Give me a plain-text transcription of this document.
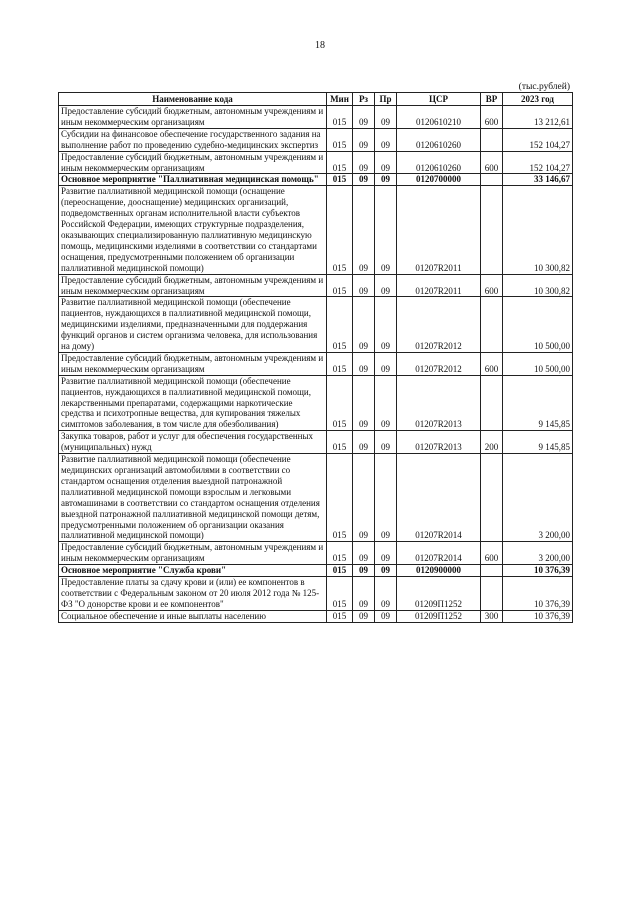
18
(тыс.рублей)
Наименование кода	Мин	Рз	Пр	ЦСР	ВР	2023 год
Предоставление субсидий бюджетным, автономным учреждениям и иным некоммерческим организациям	015	09	09	0120610210	600	13 212,61
Субсидии на финансовое обеспечение государственного задания на выполнение работ по проведению судебно-медицинских экспертиз	015	09	09	0120610260		152 104,27
Предоставление субсидий бюджетным, автономным учреждениям и иным некоммерческим организациям	015	09	09	0120610260	600	152 104,27
Основное мероприятие "Паллиативная медицинская помощь"	015	09	09	0120700000		33 146,67
Развитие паллиативной медицинской помощи (оснащение (переоснащение, дооснащение) медицинских организаций, подведомственных органам исполнительной власти субъектов Российской Федерации, имеющих структурные подразделения, оказывающих специализированную паллиативную медицинскую помощь, медицинскими изделиями в соответствии со стандартами оснащения, предусмотренными положением об организации паллиативной медицинской помощи)	015	09	09	01207R2011		10 300,82
Предоставление субсидий бюджетным, автономным учреждениям и иным некоммерческим организациям	015	09	09	01207R2011	600	10 300,82
Развитие паллиативной медицинской помощи (обеспечение пациентов, нуждающихся в паллиативной медицинской помощи, медицинскими изделиями, предназначенными для поддержания функций органов и систем организма человека, для использования на дому)	015	09	09	01207R2012		10 500,00
Предоставление субсидий бюджетным, автономным учреждениям и иным некоммерческим организациям	015	09	09	01207R2012	600	10 500,00
Развитие паллиативной медицинской помощи (обеспечение пациентов, нуждающихся в паллиативной медицинской помощи, лекарственными препаратами, содержащими наркотические средства и психотропные вещества, для купирования тяжелых симптомов заболевания, в том числе для обезболивания)	015	09	09	01207R2013		9 145,85
Закупка товаров, работ и услуг для обеспечения государственных (муниципальных) нужд	015	09	09	01207R2013	200	9 145,85
Развитие паллиативной медицинской помощи (обеспечение медицинских организаций автомобилями в соответствии со стандартом оснащения отделения выездной патронажной паллиативной медицинской помощи взрослым и легковыми автомашинами в соответствии со стандартом оснащения отделения выездной патронажной паллиативной медицинской помощи детям, предусмотренными положением об организации оказания паллиативной медицинской помощи)	015	09	09	01207R2014		3 200,00
Предоставление субсидий бюджетным, автономным учреждениям и иным некоммерческим организациям	015	09	09	01207R2014	600	3 200,00
Основное мероприятие "Служба крови"	015	09	09	0120900000		10 376,39
Предоставление платы за сдачу крови и (или) ее компонентов в соответствии с Федеральным законом от 20 июля 2012 года № 125-ФЗ "О донорстве крови и ее компонентов"	015	09	09	01209П1252		10 376,39
Социальное обеспечение и иные выплаты населению	015	09	09	01209П1252	300	10 376,39
